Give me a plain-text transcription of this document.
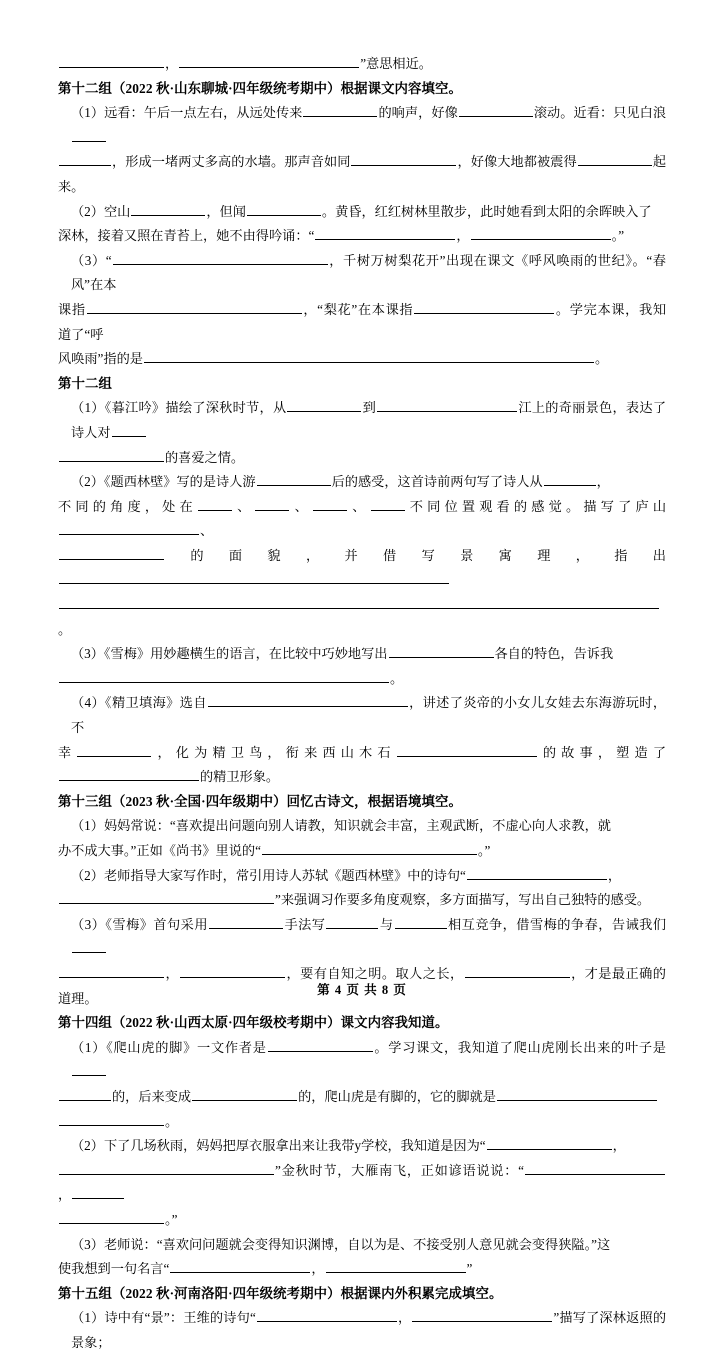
，	”意思相近。

第十二组（2022 秋·山东聊城·四年级统考期中）根据课文内容填空。

（1）远看：午后一点左右，从远处传来	的响声，好像	滚动。近看：只见白浪

，形成一堵两丈多高的水墙。那声音如同	，好像大地都被震得	起来。

（2）空山	，但闻	。黄昏，红红树林里散步，此时她看到太阳的余晖映入了

深林，接着又照在青苔上，她不由得吟诵：“	，	。”

（3）“	，千树万树梨花开”出现在课文《呼风唤雨的世纪》。“春风”在本

课指	，“梨花”在本课指	。学完本课，我知道了“呼

风唤雨”指的是	。

第十二组

（1）《暮江吟》描绘了深秋时节，从	到	江上的奇丽景色，表达了诗人对

的喜爱之情。

（2）《题西林壁》写的是诗人游	后的感受，这首诗前两句写了诗人从	，

不同的角度，处在	、	、	、	不同位置观看的感觉。描写了庐山、

的面貌，并借写景寓理，指出

。

（3）《雪梅》用妙趣横生的语言，在比较中巧妙地写出	各自的特色，告诉我

。

（4）《精卫填海》选自	，讲述了炎帝的小女儿女娃去东海游玩时，不

幸	，化为精卫鸟，衔来西山木石	的故事，塑造了的精卫形象。

第十三组（2023 秋·全国·四年级期中）回忆古诗文，根据语境填空。

（1）妈妈常说：“喜欢提出问题向别人请教，知识就会丰富，主观武断，不虚心向人求教，就

办不成大事。”正如《尚书》里说的“	。”

（2）老师指导大家写作时，常引用诗人苏轼《题西林壁》中的诗句“	，

”来强调习作要多角度观察，多方面描写，写出自己独特的感受。

（3）《雪梅》首句采用	手法写	与	相互竞争，借雪梅的争春，告诫我们

，	，要有自知之明。取人之长，	，才是最正确的道理。

第十四组（2022 秋·山西太原·四年级校考期中）课文内容我知道。

（1）《爬山虎的脚》一文作者是	。学习课文，我知道了爬山虎刚长出来的叶子是

的，后来变成	的，爬山虎是有脚的，它的脚就是

。

（2）下了几场秋雨，妈妈把厚衣服拿出来让我带у学校，我知道是因为“	，

”金秋时节，大雁南飞，正如谚语说说：“，

。”

（3）老师说：“喜欢问问题就会变得知识渊博，自以为是、不接受别人意见就会变得狭隘。”这

使我想到一句名言“	，	”

第十五组（2022 秋·河南洛阳·四年级统考期中）根据课内外积累完成填空。

（1）诗中有“景”：王维的诗句“	，	”描写了深林返照的景象；

第 4 页 共 8 页
